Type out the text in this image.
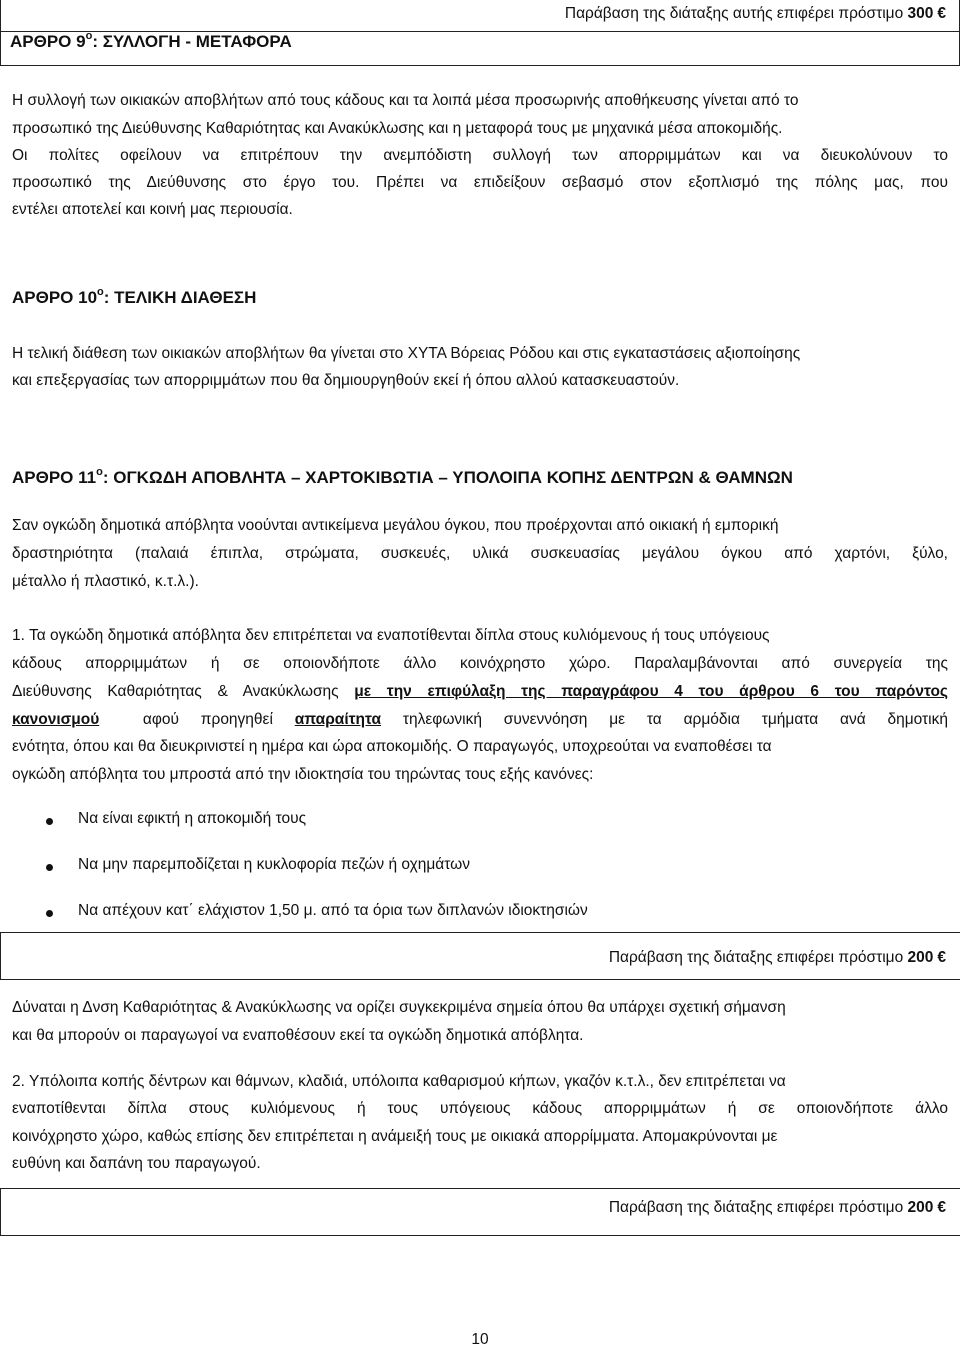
ΑΡΘΡΟ $9^o$: ΣΥΛΛΟΓΗ - ΜΕΤΑΦΟΡΑ
Παράβαση της διάταξης αυτής επιφέρει πρόστιμο 300 €
Η συλλογή των οικιακών αποβλήτων από τους κάδους και τα λοιπά μέσα προσωρινής αποθήκευσης γίνεται από το
προσωπικό της Διεύθυνσης Καθαριότητας και Ανακύκλωσης και η μεταφορά τους με μηχανικά μέσα αποκομιδής.
Οι πολίτες οφείλουν να επιτρέπουν την ανεμπόδιστη συλλογή των απορριμμάτων και να διευκολύνουν το
προσωπικό της Διεύθυνσης στο έργο του. Πρέπει να επιδείξουν σεβασμό στον εξοπλισμό της πόλης μας, που
εντέλει αποτελεί και κοινή μας περιουσία.
ΑΡΘΡΟ $10^o$: ΤΕΛΙΚΗ ΔΙΑΘΕΣΗ
Η τελική διάθεση των οικιακών αποβλήτων θα γίνεται στο ΧΥΤΑ Βόρειας Ρόδου και στις εγκαταστάσεις αξιοποίησης
και επεξεργασίας των απορριμμάτων που θα δημιουργηθούν εκεί ή όπου αλλού κατασκευαστούν.
ΑΡΘΡΟ $11^o$: ΟΓΚΩΔΗ ΑΠΟΒΛΗΤΑ – ΧΑΡΤΟΚΙΒΩΤΙΑ – ΥΠΟΛΟΙΠΑ ΚΟΠΗΣ ΔΕΝΤΡΩΝ & ΘΑΜΝΩΝ
Σαν ογκώδη δημοτικά απόβλητα νοούνται αντικείμενα μεγάλου όγκου, που προέρχονται από οικιακή ή εμπορική
δραστηριότητα (παλαιά έπιπλα, στρώματα, συσκευές, υλικά συσκευασίας μεγάλου όγκου από χαρτόνι, ξύλο,
μέταλλο ή πλαστικό, κ.τ.λ.).
1. Τα ογκώδη δημοτικά απόβλητα δεν επιτρέπεται να εναποτίθενται δίπλα στους κυλιόμενους ή τους υπόγειους
κάδους απορριμμάτων ή σε οποιονδήποτε άλλο κοινόχρηστο χώρο. Παραλαμβάνονται από συνεργεία της
Διεύθυνσης Καθαριότητας & Ανακύκλωσης με την επιφύλαξη της παραγράφου 4 του άρθρου 6 του παρόντος
κανονισμού  αφού προηγηθεί απαραίτητα τηλεφωνική συνεννόηση με τα αρμόδια τμήματα ανά δημοτική
ενότητα, όπου και θα διευκρινιστεί η ημέρα και ώρα αποκομιδής. Ο παραγωγός, υποχρεούται να εναποθέσει τα
ογκώδη απόβλητα του μπροστά από την ιδιοκτησία του τηρώντας τους εξής κανόνες:
Να είναι εφικτή η αποκομιδή τους
Να μην παρεμποδίζεται η κυκλοφορία πεζών ή οχημάτων
Να απέχουν κατ΄ ελάχιστον 1,50 μ. από τα όρια των διπλανών ιδιοκτησιών
Παράβαση της διάταξης επιφέρει πρόστιμο 200 €
Δύναται η Δνση Καθαριότητας & Ανακύκλωσης να ορίζει συγκεκριμένα σημεία όπου θα υπάρχει σχετική σήμανση
και θα μπορούν οι παραγωγοί να εναποθέσουν εκεί τα ογκώδη δημοτικά απόβλητα.
2. Υπόλοιπα κοπής δέντρων και θάμνων, κλαδιά, υπόλοιπα καθαρισμού κήπων, γκαζόν κ.τ.λ., δεν επιτρέπεται να
εναποτίθενται δίπλα στους κυλιόμενους ή τους υπόγειους κάδους απορριμμάτων ή σε οποιονδήποτε άλλο
κοινόχρηστο χώρο, καθώς επίσης δεν επιτρέπεται η ανάμειξή τους με οικιακά απορρίμματα. Απομακρύνονται με
ευθύνη και δαπάνη του παραγωγού.
Παράβαση της διάταξης επιφέρει πρόστιμο 200 €
10
